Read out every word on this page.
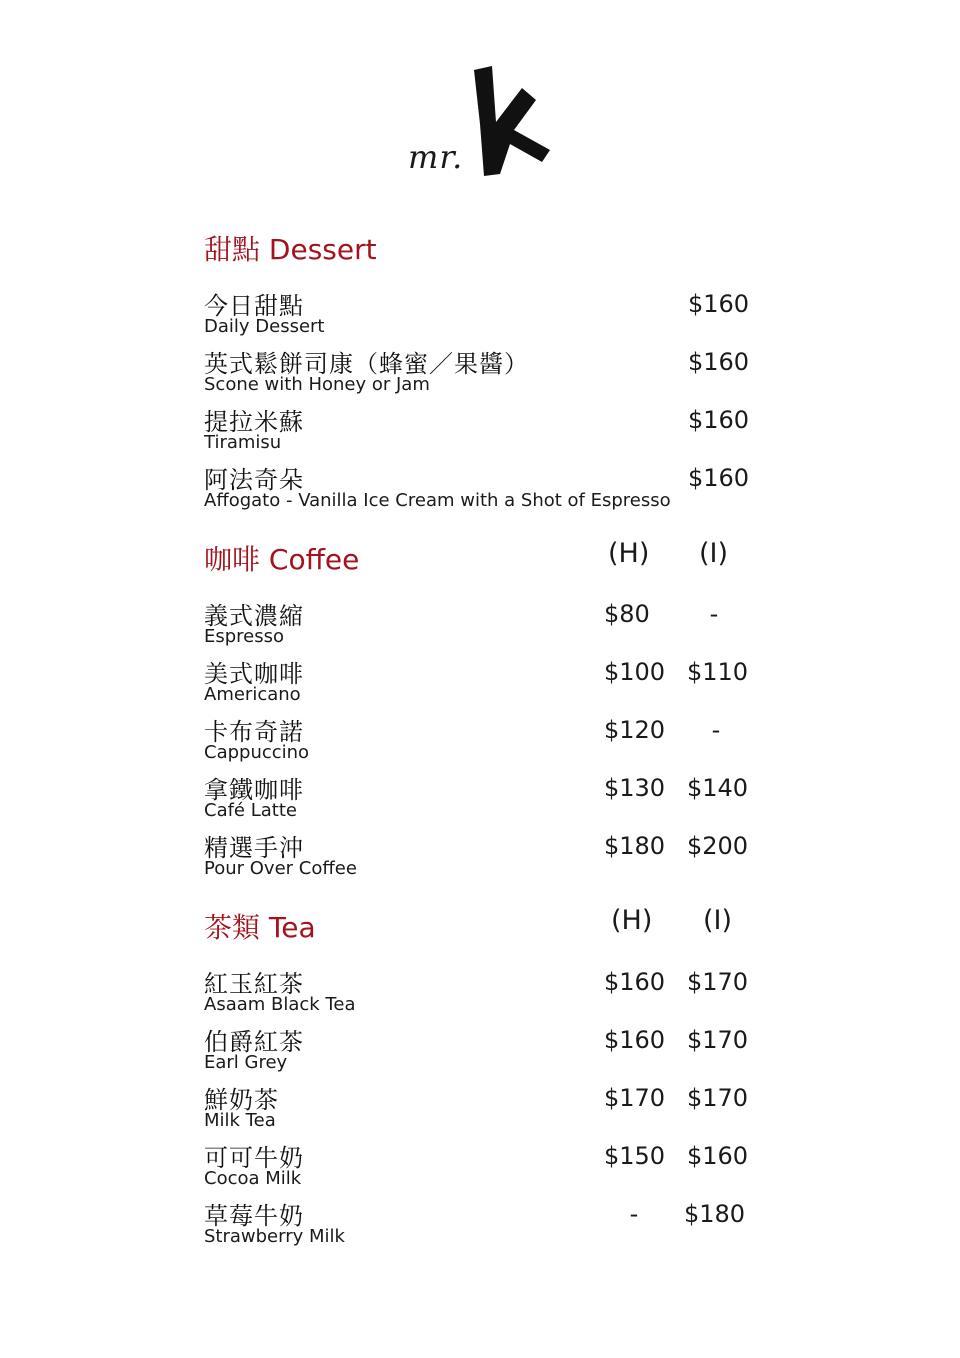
mr.
甜點 Dessert
今日甜點
Daily Dessert
$160
英式鬆餅司康（蜂蜜／果醬）
Scone with Honey or Jam
$160
提拉米蘇
Tiramisu
$160
阿法奇朵
Affogato - Vanilla Ice Cream with a Shot of Espresso
$160
咖啡 Coffee	(H) (I)
義式濃縮
Espresso
$80	-
美式咖啡
Americano
$100 $110
卡布奇諾
Cappuccino
$120	-
拿鐵咖啡
Café Latte
$130 $140
精選手沖
Pour Over Coffee
$180 $200
茶類 Tea	(H) (I)
紅玉紅茶
Asaam Black Tea
$160 $170
伯爵紅茶
Earl Grey
$160 $170
鮮奶茶
Milk Tea
$170 $170
可可牛奶
Cocoa Milk
$150 $160
草莓牛奶
Strawberry Milk
-	$180
